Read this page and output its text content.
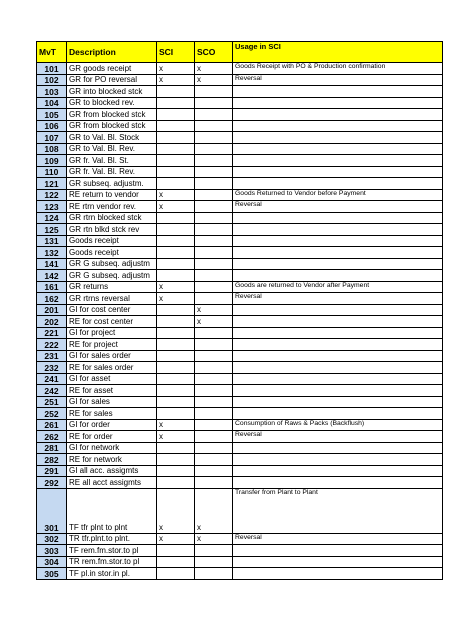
MvT	Description	SCI	SCO	Usage in SCI
101	GR goods receipt	x	x	Goods Receipt with PO & Production confirmation
102	GR for PO reversal	x	x	Reversal
103	GR into blocked stck			
104	GR to blocked rev.			
105	GR from blocked stck			
106	GR from blocked stck			
107	GR to Val. Bl. Stock			
108	GR to Val. Bl. Rev.			
109	GR fr. Val. Bl. St.			
110	GR fr. Val. Bl. Rev.			
121	GR subseq. adjustm.			
122	RE return to vendor	x		Goods Returned to Vendor before Payment
123	RE rtrn vendor rev.	x		Reversal
124	GR rtrn blocked stck			
125	GR rtn blkd stck rev			
131	Goods receipt			
132	Goods receipt			
141	GR G subseq. adjustm			
142	GR G subseq. adjustm			
161	GR returns	x		Goods are returned to Vendor after Payment
162	GR rtrns reversal	x		Reversal
201	GI for cost center		x	
202	RE for cost center		x	
221	GI for project			
222	RE for project			
231	GI for sales order			
232	RE for sales order			
241	GI for asset			
242	RE for asset			
251	GI for sales			
252	RE for sales			
261	GI for order	x		Consumption of Raws & Packs (Backflush)
262	RE for order	x		Reversal
281	GI for network			
282	RE for network			
291	GI all acc. assigmts			
292	RE all acct assigmts			
301	TF tfr plnt to plnt	x	x	Transfer from Plant to Plant
302	TR tfr.plnt.to plnt.	x	x	Reversal
303	TF rem.fm.stor.to pl			
304	TR rem.fm.stor.to pl			
305	TF pl.in stor.in pl.			
